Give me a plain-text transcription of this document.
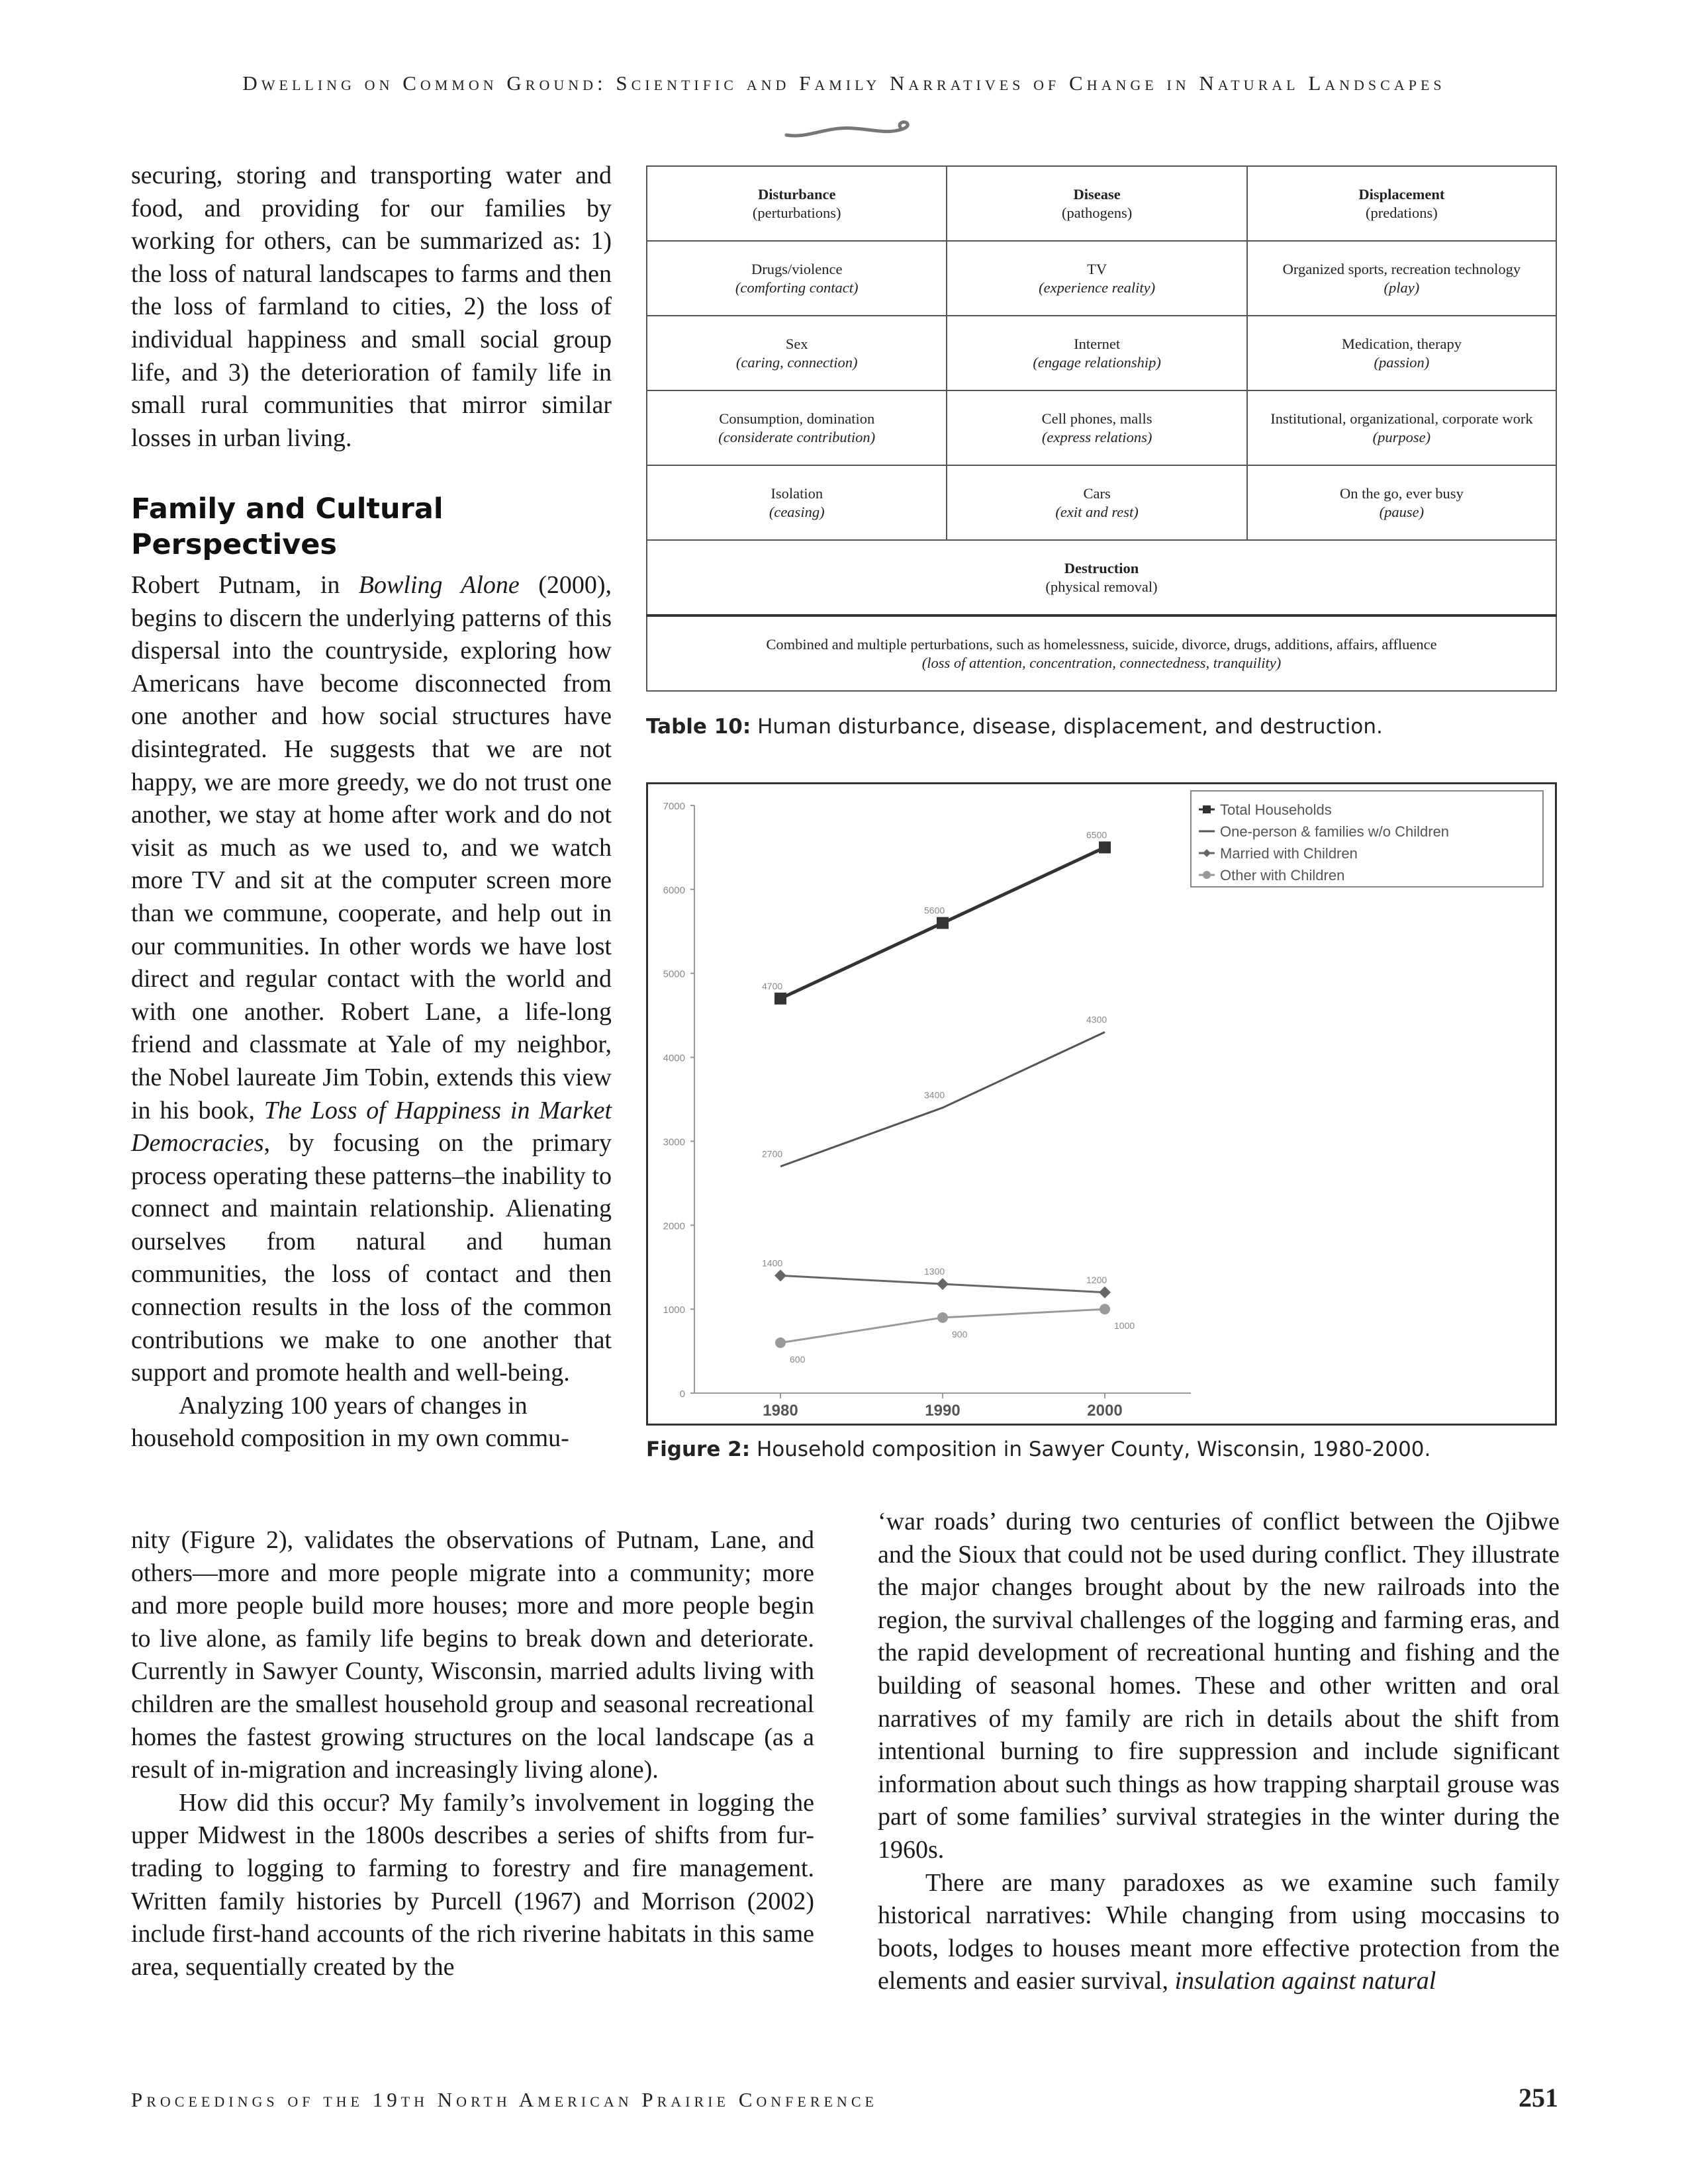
Dwelling on Common Ground: Scientific and Family Narratives of Change in Natural Landscapes

securing, storing and transporting water and food, and providing for our families by working for others, can be summarized as: 1) the loss of natural landscapes to farms and then the loss of farmland to cities, 2) the loss of individual happiness and small social group life, and 3) the deterioration of family life in small rural communities that mirror similar losses in urban living.

Family and Cultural
Perspectives

Robert Putnam, in Bowling Alone (2000), begins to discern the underlying patterns of this dispersal into the countryside, exploring how Americans have become disconnected from one another and how social structures have disintegrated. He suggests that we are not happy, we are more greedy, we do not trust one another, we stay at home after work and do not visit as much as we used to, and we watch more TV and sit at the computer screen more than we commune, cooperate, and help out in our communities. In other words we have lost direct and regular contact with the world and with one another. Robert Lane, a life-long friend and classmate at Yale of my neighbor, the Nobel laureate Jim Tobin, extends this view in his book, The Loss of Happiness in Market Democracies, by focusing on the primary process operating these patterns–the inability to connect and maintain relationship. Alienating ourselves from natural and human communities, the loss of contact and then connection results in the loss of the common contributions we make to one another that support and promote health and well-being.

Analyzing 100 years of changes in household composition in my own commu-

nity (Figure 2), validates the observations of Putnam, Lane, and others—more and more people migrate into a community; more and more people build more houses; more and more people begin to live alone, as family life begins to break down and deteriorate. Currently in Sawyer County, Wisconsin, married adults living with children are the smallest household group and seasonal recreational homes the fastest growing structures on the local landscape (as a result of in-migration and increasingly living alone).

How did this occur? My family’s involvement in logging the upper Midwest in the 1800s describes a series of shifts from fur-trading to logging to farming to forestry and fire management. Written family histories by Purcell (1967) and Morrison (2002) include first-hand accounts of the rich riverine habitats in this same area, sequentially created by the

‘war roads’ during two centuries of conflict between the Ojibwe and the Sioux that could not be used during conflict. They illustrate the major changes brought about by the new railroads into the region, the survival challenges of the logging and farming eras, and the rapid development of recreational hunting and fishing and the building of seasonal homes. These and other written and oral narratives of my family are rich in details about the shift from intentional burning to fire suppression and include significant information about such things as how trapping sharptail grouse was part of some families’ survival strategies in the winter during the 1960s.

There are many paradoxes as we examine such family historical narratives: While changing from using moccasins to boots, lodges to houses meant more effective protection from the elements and easier survival, insulation against natural

Disturbance
(perturbations)	Disease
(pathogens)	Displacement
(predations)

Drugs/violence
(comforting contact)	TV
(experience reality)	Organized sports, recreation technology
(play)

Sex
(caring, connection)	Internet
(engage relationship)	Medication, therapy
(passion)

Consumption, domination
(considerate contribution)	Cell phones, malls
(express relations)	Institutional, organizational, corporate work
(purpose)

Isolation
(ceasing)	Cars
(exit and rest)	On the go, ever busy
(pause)

Destruction
(physical removal)		

Combined and multiple perturbations, such as homelessness, suicide, divorce, drugs, additions, affairs, affluence
(loss of attention, concentration, connectedness, tranquility)		
Table 10: Human disturbance, disease, displacement, and destruction.
0
1000
2000
3000
4000
5000
6000
7000
1980	1990	2000
4700
5600
6500
2700
3400
4300
1400
1300
1200
600
900
1000
Total Households
One-person & families w/o Children
Married with Children
Other with Children
Figure 2: Household composition in Sawyer County, Wisconsin, 1980-2000.
Proceedings of the 19th North American Prairie Conference	251
